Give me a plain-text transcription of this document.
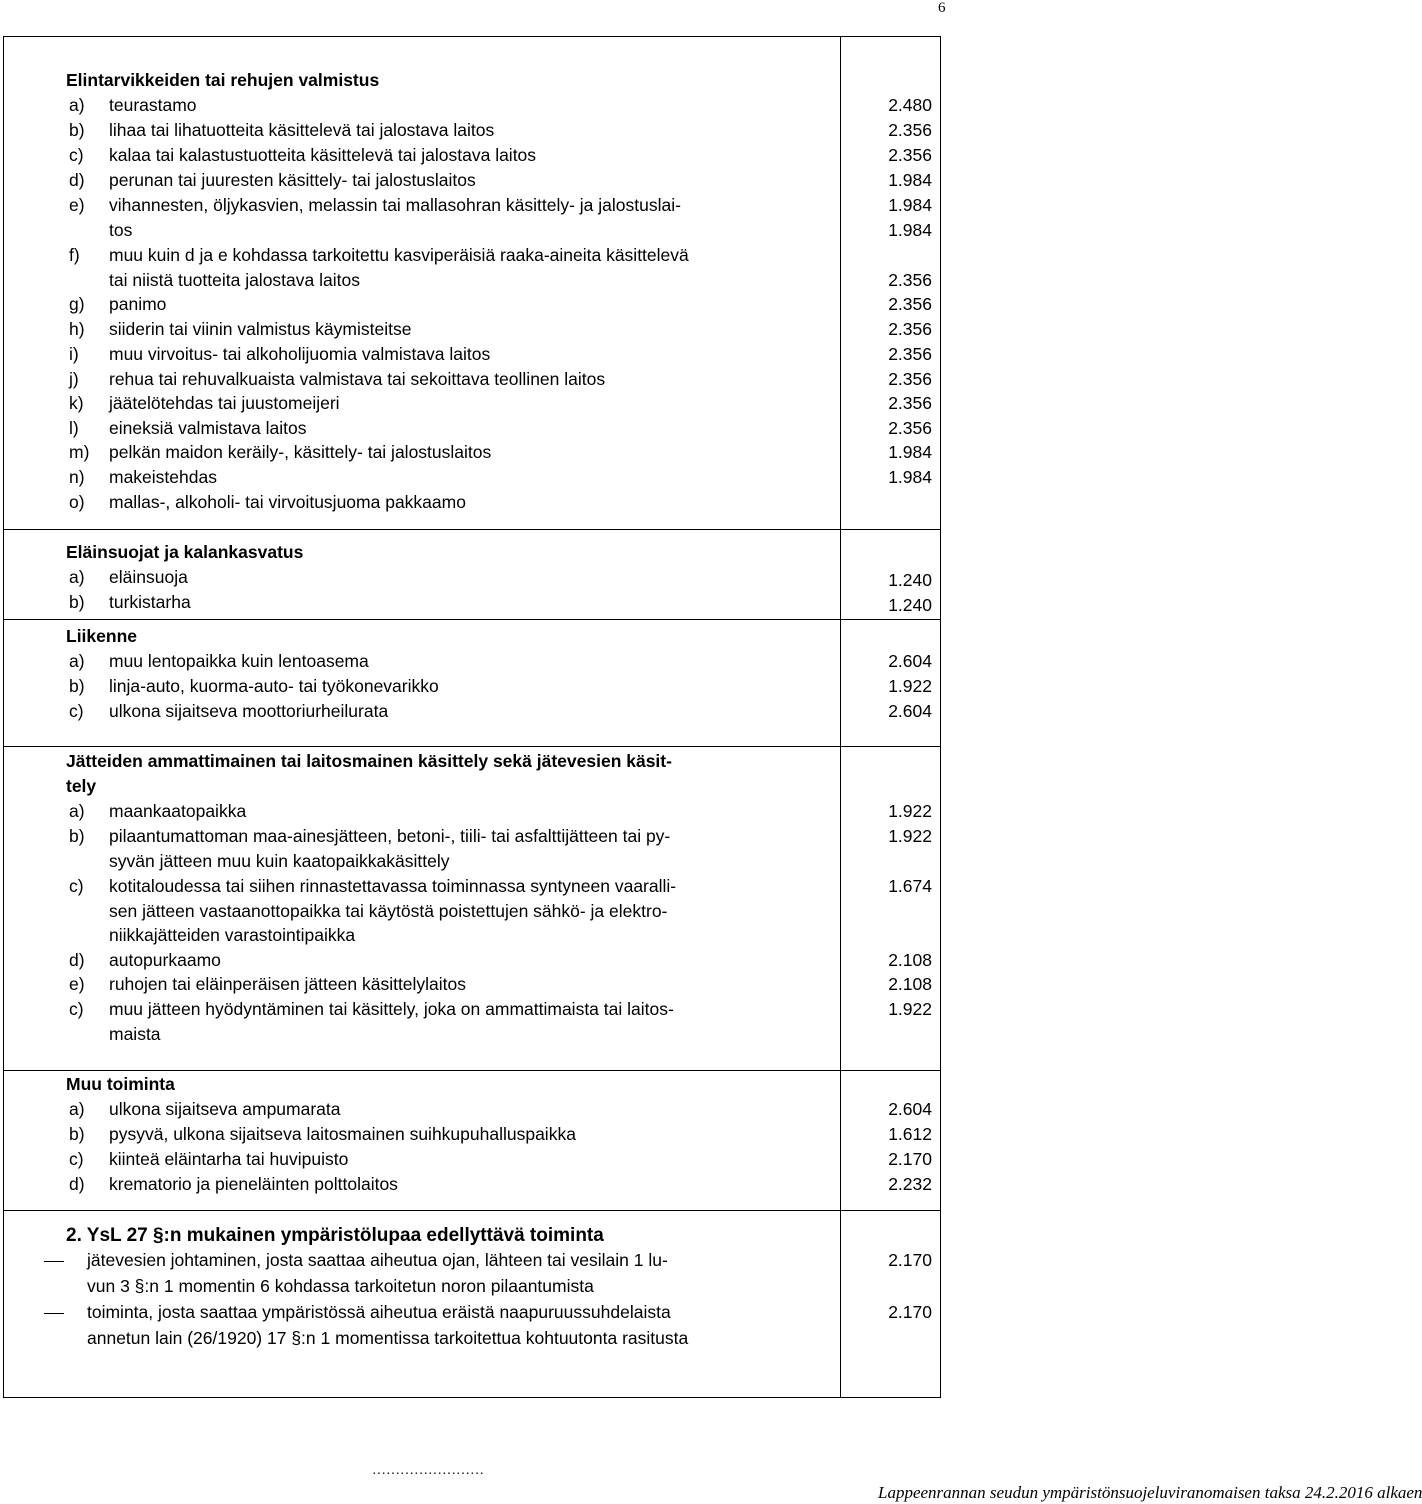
6
Elintarvikkeiden tai rehujen valmistus
a) teurastamo	2.480
b) lihaa tai lihatuotteita käsittelevä tai jalostava laitos	2.356
c) kalaa tai kalastustuotteita käsittelevä tai jalostava laitos	2.356
d) perunan tai juuresten käsittely- tai jalostuslaitos	1.984
e) vihannesten, öljykasvien, melassin tai mallasohran käsittely- ja jalostuslai-	1.984
tos	1.984
f) muu kuin d ja e kohdassa tarkoitettu kasviperäisiä raaka-aineita käsittelevä
tai niistä tuotteita jalostava laitos	2.356
g) panimo	2.356
h) siiderin tai viinin valmistus käymisteitse	2.356
i) muu virvoitus- tai alkoholijuomia valmistava laitos	2.356
j) rehua tai rehuvalkuaista valmistava tai sekoittava teollinen laitos	2.356
k) jäätelötehdas tai juustomeijeri	2.356
l) eineksiä valmistava laitos	2.356
m) pelkän maidon keräily-, käsittely- tai jalostuslaitos	1.984
n) makeistehdas	1.984
o) mallas-, alkoholi- tai virvoitusjuoma pakkaamo
Eläinsuojat ja kalankasvatus
a) eläinsuoja	1.240
b) turkistarha	1.240
Liikenne
a) muu lentopaikka kuin lentoasema	2.604
b) linja-auto, kuorma-auto- tai työkonevarikko	1.922
c) ulkona sijaitseva moottoriurheilurata	2.604
Jätteiden ammattimainen tai laitosmainen käsittely sekä jätevesien käsit-
tely
a) maankaatopaikka	1.922
b) pilaantumattoman maa-ainesjätteen, betoni-, tiili- tai asfalttijätteen tai py-	1.922
syvän jätteen muu kuin kaatopaikkakäsittely
c) kotitaloudessa tai siihen rinnastettavassa toiminnassa syntyneen vaaralli-	1.674
sen jätteen vastaanottopaikka tai käytöstä poistettujen sähkö- ja elektro-
niikkajätteiden varastointipaikka
d) autopurkaamo	2.108
e) ruhojen tai eläinperäisen jätteen käsittelylaitos	2.108
c) muu jätteen hyödyntäminen tai käsittely, joka on ammattimaista tai laitos-	1.922
maista
Muu toiminta
a) ulkona sijaitseva ampumarata	2.604
b) pysyvä, ulkona sijaitseva laitosmainen suihkupuhalluspaikka	1.612
c) kiinteä eläintarha tai huvipuisto	2.170
d) krematorio ja pieneläinten polttolaitos	2.232
2. YsL 27 §:n mukainen ympäristölupaa edellyttävä toiminta
jätevesien johtaminen, josta saattaa aiheutua ojan, lähteen tai vesilain 1 lu-	2.170
vun 3 §:n 1 momentin 6 kohdassa tarkoitetun noron pilaantumista
toiminta, josta saattaa ympäristössä aiheutua eräistä naapuruussuhdelaista	2.170
annetun lain (26/1920) 17 §:n 1 momentissa tarkoitettua kohtuutonta rasitusta
……………………
Lappeenrannan seudun ympäristönsuojeluviranomaisen taksa 24.2.2016 alkaen
